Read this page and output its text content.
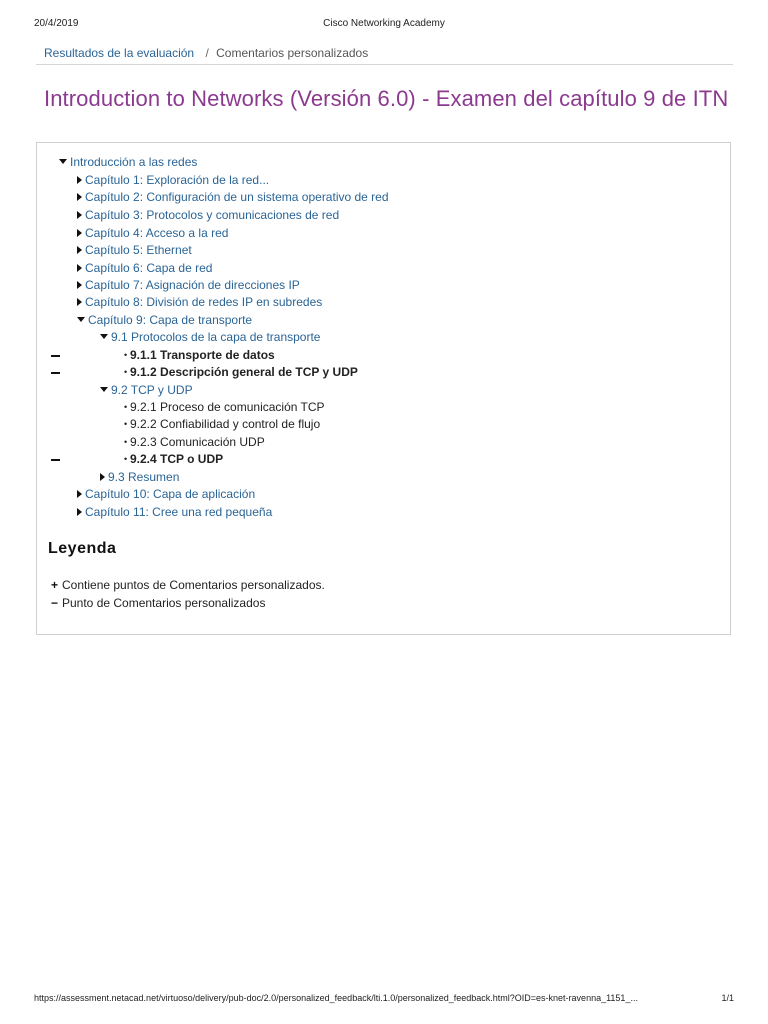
20/4/2019	Cisco Networking Academy
Resultados de la evaluación / Comentarios personalizados
Introduction to Networks (Versión 6.0) - Examen del capítulo 9 de ITN
Introducción a las redes
Capítulo 1: Exploración de la red...
Capítulo 2: Configuración de un sistema operativo de red
Capítulo 3: Protocolos y comunicaciones de red
Capítulo 4: Acceso a la red
Capítulo 5: Ethernet
Capítulo 6: Capa de red
Capítulo 7: Asignación de direcciones IP
Capítulo 8: División de redes IP en subredes
Capítulo 9: Capa de transporte
9.1 Protocolos de la capa de transporte
• 9.1.1 Transporte de datos
• 9.1.2 Descripción general de TCP y UDP
9.2 TCP y UDP
• 9.2.1 Proceso de comunicación TCP
• 9.2.2 Confiabilidad y control de flujo
• 9.2.3 Comunicación UDP
• 9.2.4 TCP o UDP
9.3 Resumen
Capítulo 10: Capa de aplicación
Capítulo 11: Cree una red pequeña
Leyenda
+ Contiene puntos de Comentarios personalizados.
− Punto de Comentarios personalizados
https://assessment.netacad.net/virtuoso/delivery/pub-doc/2.0/personalized_feedback/lti.1.0/personalized_feedback.html?OID=es-knet-ravenna_1151_...	1/1
